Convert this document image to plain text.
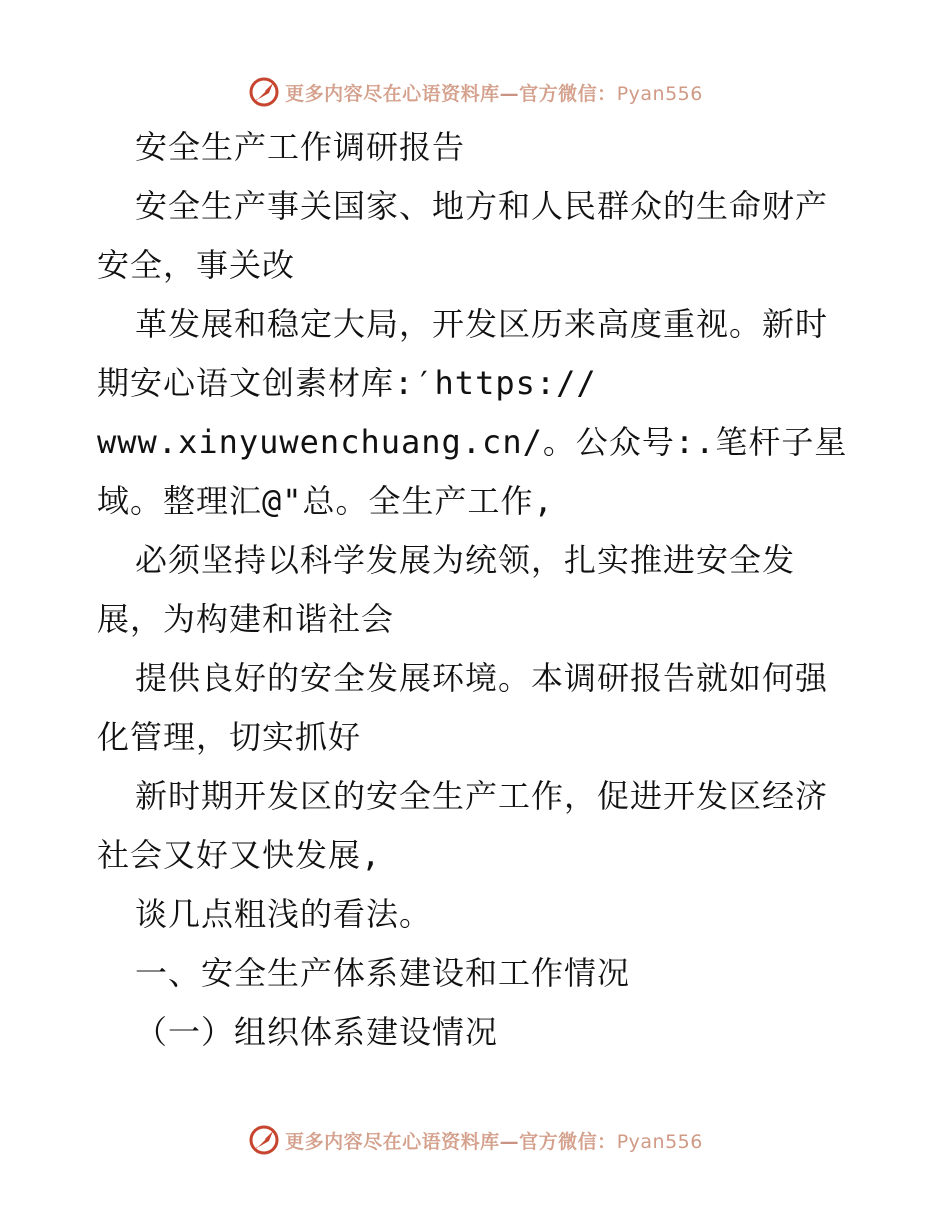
更多内容尽在心语资料库—官方微信：Pyan556
安全生产工作调研报告
安全生产事关国家、地方和人民群众的生命财产
安全，事关改
革发展和稳定大局，开发区历来高度重视。新时
期安心语文创素材库:′https://
www.xinyuwenchuang.cn/。公众号:.笔杆子星
域。整理汇@"总。全生产工作,
必须坚持以科学发展为统领，扎实推进安全发
展，为构建和谐社会
提供良好的安全发展环境。本调研报告就如何强
化管理，切实抓好
新时期开发区的安全生产工作，促进开发区经济
社会又好又快发展,
谈几点粗浅的看法。
一、安全生产体系建设和工作情况
（一）组织体系建设情况
更多内容尽在心语资料库—官方微信：Pyan556
